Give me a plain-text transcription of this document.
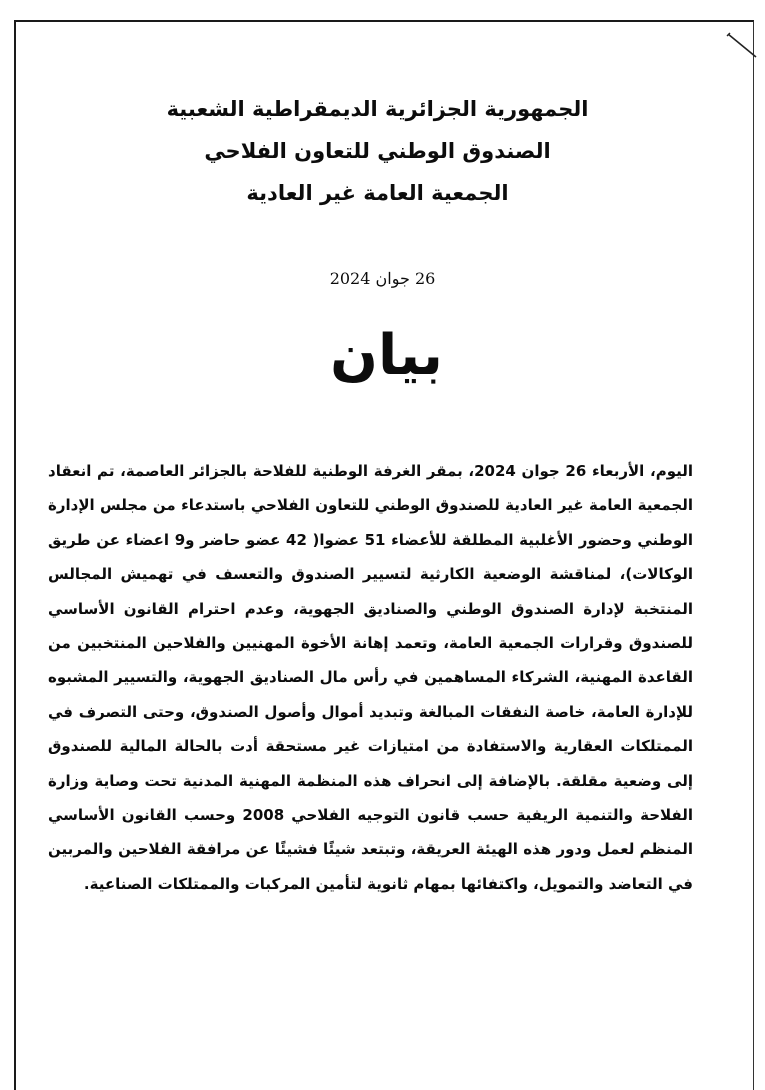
الجمهورية الجزائرية الديمقراطية الشعبية

الصندوق الوطني للتعاون الفلاحي

الجمعية العامة غير العادية

26 جوان 2024
بيان

اليوم، الأربعاء 26 جوان 2024، بمقر الغرفة الوطنية للفلاحة بالجزائر العاصمة، تم انعقاد الجمعية العامة غير العادية للصندوق الوطني للتعاون الفلاحي باستدعاء من مجلس الإدارة الوطني وحضور الأغلبية المطلقة للأعضاء 51 عضوا( 42 عضو حاضر و9 اعضاء عن طريق الوكالات)، لمناقشة الوضعية الكارثية لتسيير الصندوق والتعسف في تهميش المجالس المنتخبة لإدارة الصندوق الوطني والصناديق الجهوية، وعدم احترام القانون الأساسي للصندوق وقرارات الجمعية العامة، وتعمد إهانة الأخوة المهنيين والفلاحين المنتخبين من القاعدة المهنية، الشركاء المساهمين في رأس مال الصناديق الجهوية، والتسيير المشبوه للإدارة العامة، خاصة النفقات المبالغة وتبديد أموال وأصول الصندوق، وحتى التصرف في الممتلكات العقارية والاستفادة من امتيازات غير مستحقة أدت بالحالة المالية للصندوق إلى وضعية مقلقة. بالإضافة إلى انحراف هذه المنظمة المهنية المدنية تحت وصاية وزارة الفلاحة والتنمية الريفية حسب قانون التوجيه الفلاحي 2008 وحسب القانون الأساسي المنظم لعمل ودور هذه الهيئة العريقة، وتبتعد شيئًا فشيئًا عن مرافقة الفلاحين والمربين في التعاضد والتمويل، واكتفائها بمهام ثانوية لتأمين المركبات والممتلكات الصناعية.
